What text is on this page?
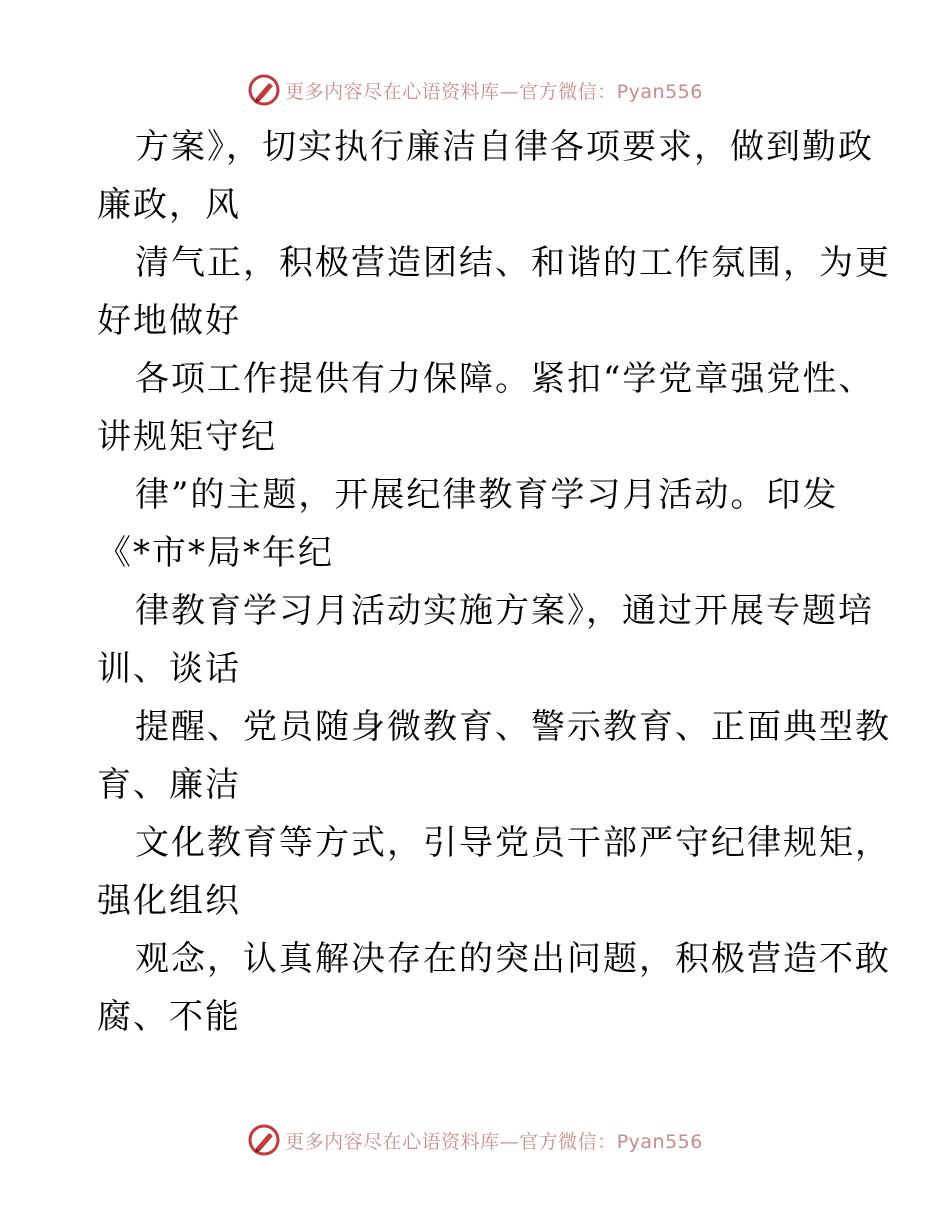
更多内容尽在心语资料库—官方微信：Pyan556
方案》，切实执行廉洁自律各项要求，做到勤政
廉政，风
清气正，积极营造团结、和谐的工作氛围，为更
好地做好
各项工作提供有力保障。紧扣“学党章强党性、
讲规矩守纪
律”的主题，开展纪律教育学习月活动。印发
《*市*局*年纪
律教育学习月活动实施方案》，通过开展专题培
训、谈话
提醒、党员随身微教育、警示教育、正面典型教
育、廉洁
文化教育等方式，引导党员干部严守纪律规矩，
强化组织
观念，认真解决存在的突出问题，积极营造不敢
腐、不能
更多内容尽在心语资料库—官方微信：Pyan556
